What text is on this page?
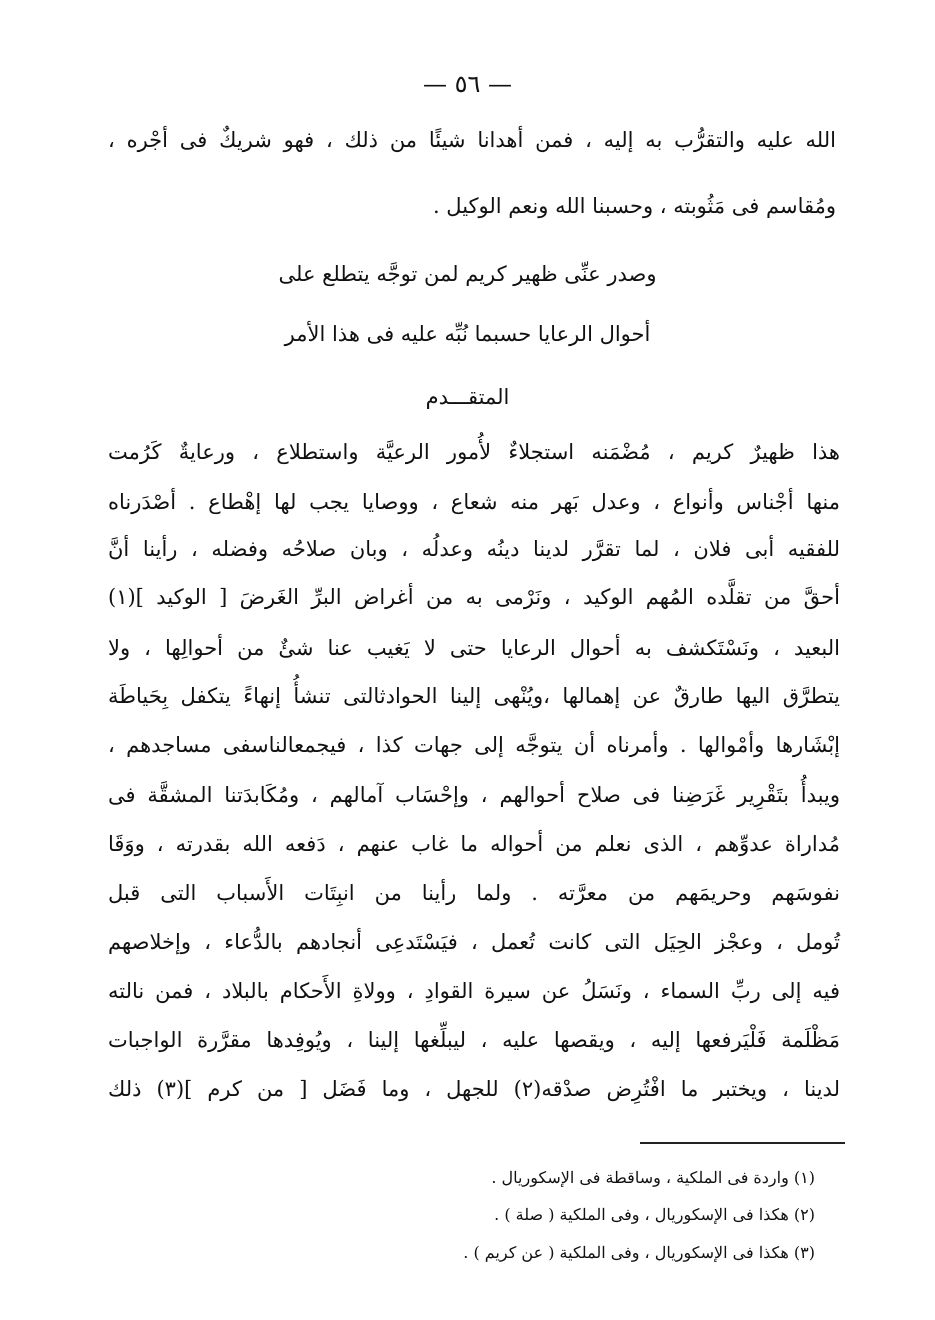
— ٥٦ —
الله عليه والتقرُّب به إليه ، فمن أهدانا شيئًا من ذلك ، فهو شريكٌ فى أجْره ،
ومُقاسم فى مَثُوبته ، وحسبنا الله ونعم الوكيل .
وصدر عنِّى ظهير كريم لمن توجَّه يتطلع على
أحوال الرعايا حسبما نُبِّه عليه فى هذا الأمر
المتقـــدم
هذا ظهيرٌ كريم ، مُضْمَنه استجلاءٌ لأُمور الرعيَّة واستطلاع ، ورعايةٌ كَرُمت
منها أجْناس وأنواع ، وعدل بَهر منه شعاع ، ووصايا يجب لها إهْطاع . أصْدَرناه
للفقيه أبى فلان ، لما تقرَّر لدينا دينُه وعدلُه ، وبان صلاحُه وفضله ، رأينا أنَّ
أحقَّ من تقلَّده المُهم الوكيد ، ونَرْمى به من أغراض البرِّ الغَرضَ [ الوكيد ](١)
البعيد ، ونَسْتَكشف به أحوال الرعايا حتى لا يَغيب عنا شئٌ من أحوالِها ، ولا
يتطرَّق اليها طارقٌ عن إهمالها ،ويُنْهى إلينا الحوادثالتى تنشأُ إنهاءً يتكفل بِحَياطَة
إبْشَارها وأمْوالها . وأمرناه أن يتوجَّه إلى جهات كذا ، فيجمعالناسفى مساجدهم ،
ويبدأُ بتَقْرِير غَرَضِنا فى صلاح أحوالهم ، وإحْسَاب آمالهم ، ومُكَابدَتنا المشقَّة فى
مُداراة عدوِّهم ، الذى نعلم من أحواله ما غاب عنهم ، دَفعه الله بقدرته ، ووَقَا
نفوسَهم وحريمَهم من معرَّته . ولما رأينا من انبِتَات الأَسباب التى قبل
تُومل ، وعجْز الحِيَل التى كانت تُعمل ، فيَسْتَدعِى أنجادهم بالدُّعاء ، وإخلاصهم
فيه إلى ربِّ السماء ، ونَسَلُ عن سيرة القوادِ ، وولاةِ الأَحكام بالبلاد ، فمن نالته
مَظْلَمة فَلْيَرفعها إليه ، ويقصها عليه ، ليبلِّغها إلينا ، ويُوفِدها مقرَّرة الواجبات
لدينا ، ويختبر ما افْتُرِض صدْقه(٢) للجهل ، وما فَضَل [ من كرم ](٣) ذلك
(١) واردة فى الملكية ، وساقطة فى الإسكوريال .
(٢) هكذا فى الإسكوريال ، وفى الملكية ( صلة ) .
(٣) هكذا فى الإسكوريال ، وفى الملكية ( عن كريم ) .
